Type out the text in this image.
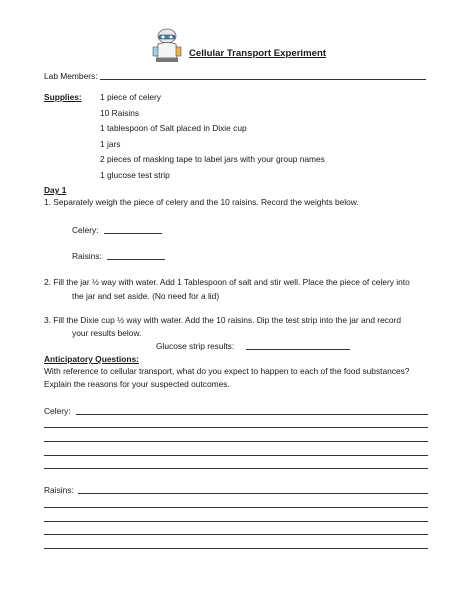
Cellular Transport Experiment
Lab Members:
Supplies: 1 piece of celery
10 Raisins
1 tablespoon of Salt placed in Dixie cup
1 jars
2 pieces of masking tape to label jars with your group names
1 glucose test strip
Day 1
1. Separately weigh the piece of celery and the 10 raisins. Record the weights below.
Celery:
Raisins:
2. Fill the jar ½ way with water. Add 1 Tablespoon of salt and stir well. Place the piece of celery into
the jar and set aside. (No need for a lid)
3. Fill the Dixie cup ½ way with water. Add the 10 raisins. Dip the test strip into the jar and record
your results below.
Glucose strip results:
Anticipatory Questions:
With reference to cellular transport, what do you expect to happen to each of the food substances?
Explain the reasons for your suspected outcomes.
Celery:
Raisins:
